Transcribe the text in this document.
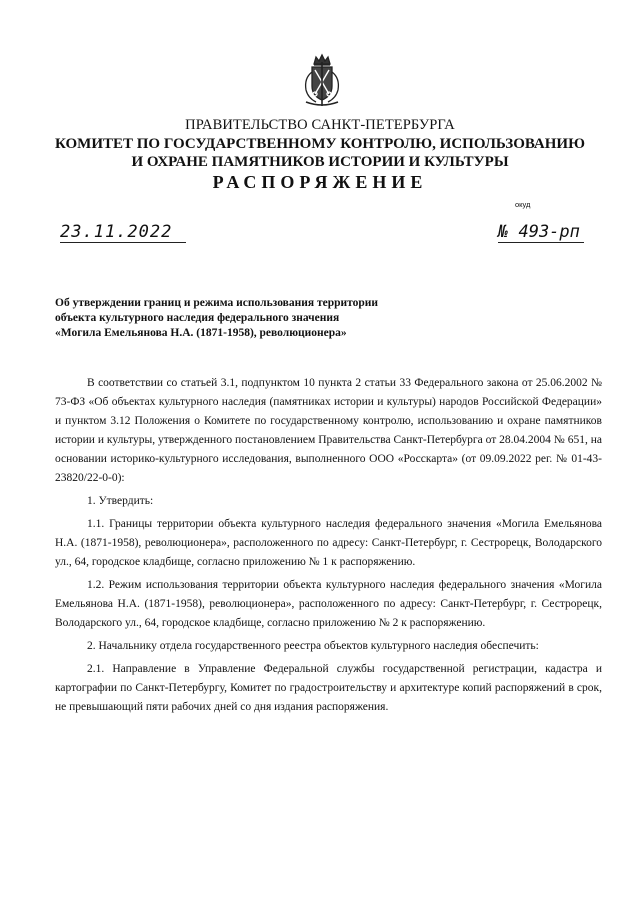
ПРАВИТЕЛЬСТВО САНКТ-ПЕТЕРБУРГА
КОМИТЕТ ПО ГОСУДАРСТВЕННОМУ КОНТРОЛЮ, ИСПОЛЬЗОВАНИЮ
И ОХРАНЕ ПАМЯТНИКОВ ИСТОРИИ И КУЛЬТУРЫ
РАСПОРЯЖЕНИЕ
окуд
23.11.2022	№ 493-рп
Об утверждении границ и режима использования территории
объекта культурного наследия федерального значения
«Могила Емельянова Н.А. (1871-1958), революционера»

В соответствии со статьей 3.1, подпунктом 10 пункта 2 статьи 33 Федерального закона от 25.06.2002 № 73-ФЗ «Об объектах культурного наследия (памятниках истории и культуры) народов Российской Федерации» и пунктом 3.12 Положения о Комитете по государственному контролю, использованию и охране памятников истории и культуры, утвержденного постановлением Правительства Санкт-Петербурга от 28.04.2004 № 651, на основании историко-культурного исследования, выполненного ООО «Росскарта» (от 09.09.2022 рег. № 01-43-23820/22-0-0):

1. Утвердить:

1.1. Границы территории объекта культурного наследия федерального значения «Могила Емельянова Н.А. (1871-1958), революционера», расположенного по адресу: Санкт-Петербург, г. Сестрорецк, Володарского ул., 64, городское кладбище, согласно приложению № 1 к распоряжению.

1.2. Режим использования территории объекта культурного наследия федерального значения «Могила Емельянова Н.А. (1871-1958), революционера», расположенного по адресу: Санкт-Петербург, г. Сестрорецк, Володарского ул., 64, городское кладбище, согласно приложению № 2 к распоряжению.

2. Начальнику отдела государственного реестра объектов культурного наследия обеспечить:

2.1. Направление в Управление Федеральной службы государственной регистрации, кадастра и картографии по Санкт-Петербургу, Комитет по градостроительству и архитектуре копий распоряжений в срок, не превышающий пяти рабочих дней со дня издания распоряжения.
